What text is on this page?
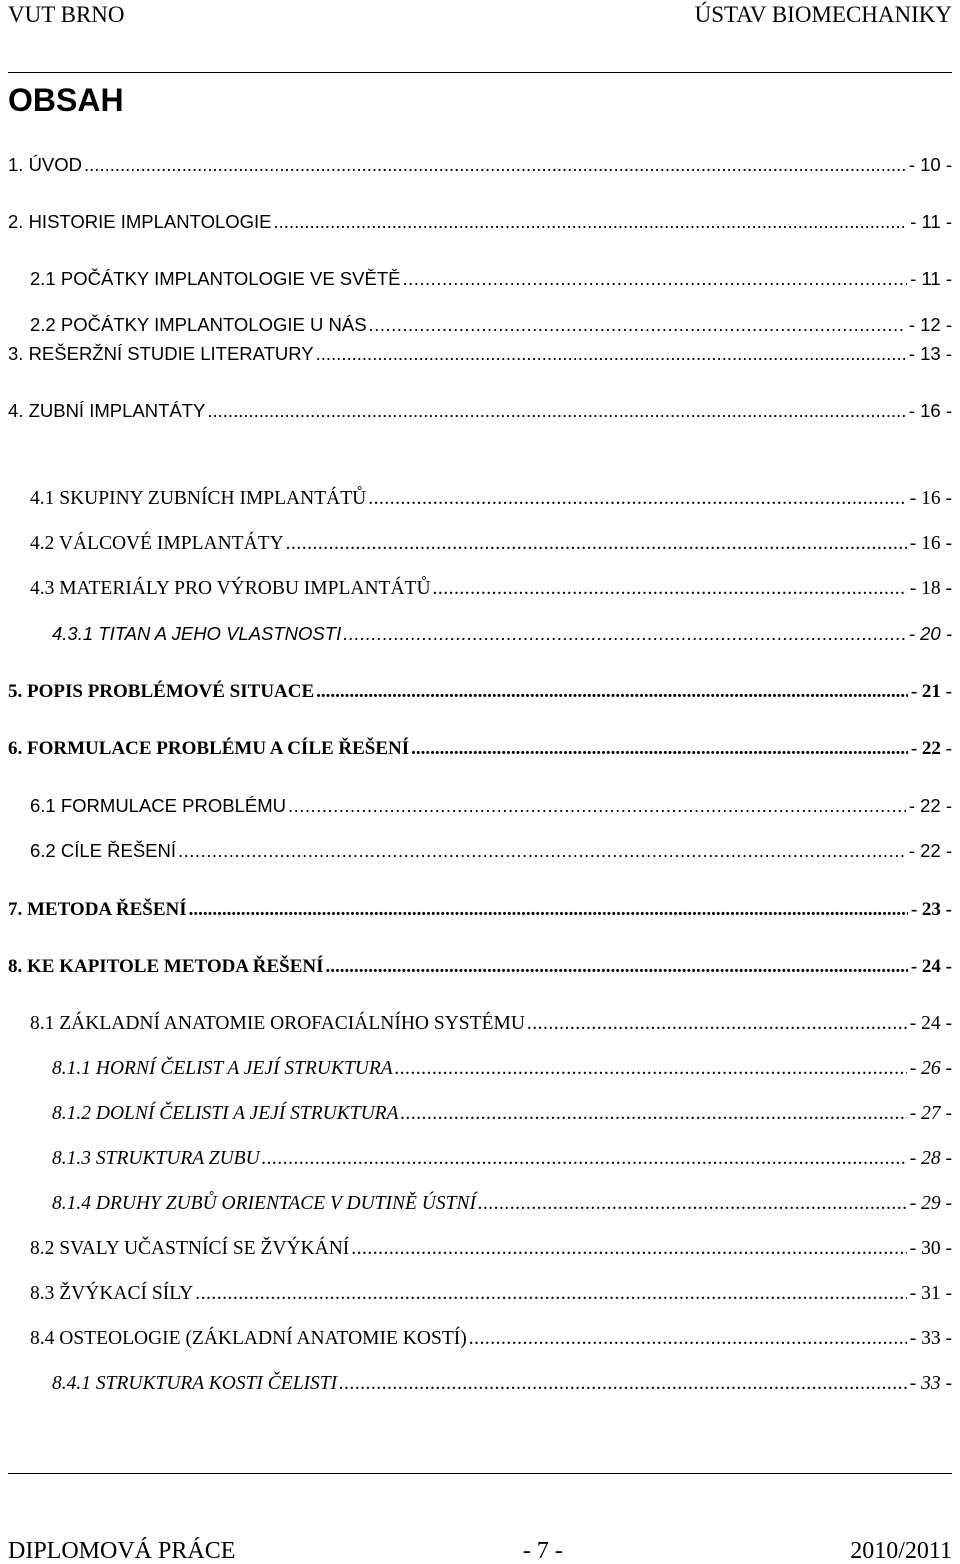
VUT BRNO	ÚSTAV BIOMECHANIKY
OBSAH
1. ÚVOD .....	- 10 -
2. HISTORIE IMPLANTOLOGIE .....	- 11 -
2.1 POČÁTKY IMPLANTOLOGIE VE SVĚTĚ .....	- 11 -
2.2 POČÁTKY IMPLANTOLOGIE U NÁS .....	- 12 -
3. REŠERŽNÍ STUDIE LITERATURY .....	- 13 -
4. ZUBNÍ IMPLANTÁTY .....	- 16 -
4.1 SKUPINY ZUBNÍCH IMPLANTÁTŮ .....	- 16 -
4.2 VÁLCOVÉ IMPLANTÁTY .....	- 16 -
4.3 MATERIÁLY PRO VÝROBU IMPLANTÁTŮ .....	- 18 -
4.3.1 TITAN A JEHO VLASTNOSTI .....	- 20 -
5. POPIS PROBLÉMOVÉ SITUACE .....	- 21 -
6. FORMULACE PROBLÉMU A CÍLE ŘEŠENÍ .....	- 22 -
6.1 FORMULACE PROBLÉMU .....	- 22 -
6.2 CÍLE ŘEŠENÍ .....	- 22 -
7. METODA ŘEŠENÍ .....	- 23 -
8. KE KAPITOLE METODA ŘEŠENÍ .....	- 24 -
8.1 ZÁKLADNÍ ANATOMIE OROFACIÁLNÍHO SYSTÉMU .....	- 24 -
8.1.1 HORNÍ ČELIST A JEJÍ STRUKTURA .....	- 26 -
8.1.2 DOLNÍ ČELISTI A JEJÍ STRUKTURA .....	- 27 -
8.1.3 STRUKTURA ZUBU .....	- 28 -
8.1.4 DRUHY ZUBŮ ORIENTACE V DUTINĚ ÚSTNÍ .....	- 29 -
8.2 SVALY UČASTNÍCÍ SE ŽVÝKÁNÍ .....	- 30 -
8.3 ŽVÝKACÍ SÍLY .....	- 31 -
8.4 OSTEOLOGIE (ZÁKLADNÍ ANATOMIE KOSTÍ) .....	- 33 -
8.4.1 STRUKTURA KOSTI ČELISTI .....	- 33 -
DIPLOMOVÁ PRÁCE	- 7 -	2010/2011
